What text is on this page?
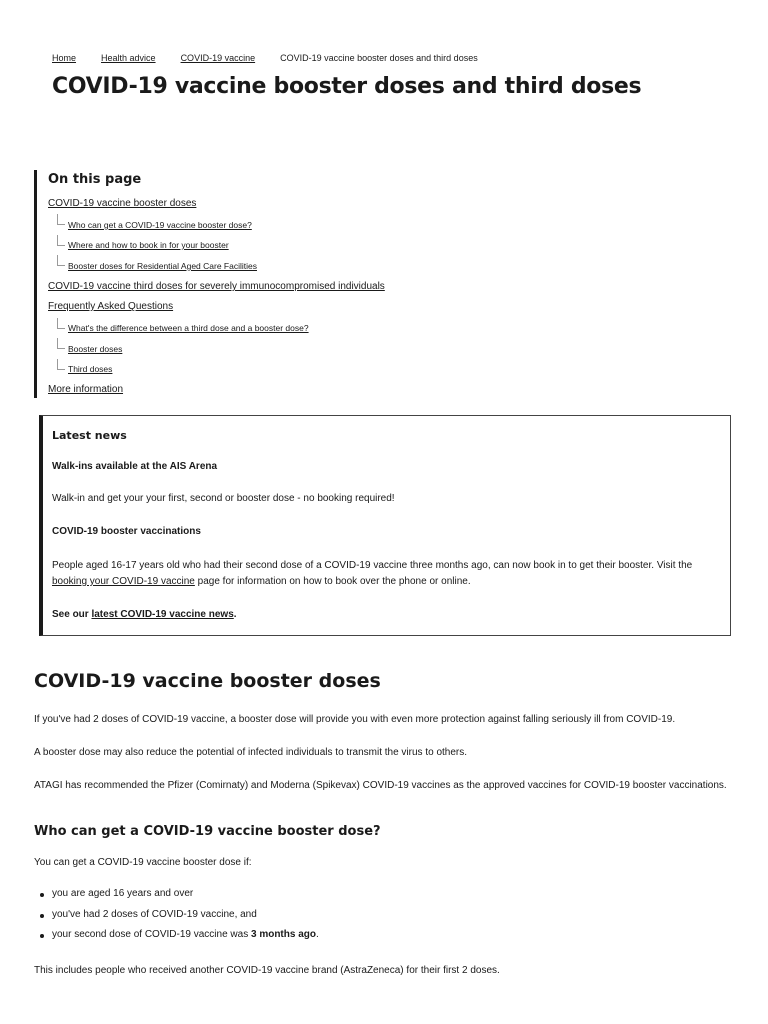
Home	Health advice	COVID-19 vaccine	COVID-19 vaccine booster doses and third doses
COVID-19 vaccine booster doses and third doses
On this page
COVID-19 vaccine booster doses
Who can get a COVID-19 vaccine booster dose?
Where and how to book in for your booster
Booster doses for Residential Aged Care Facilities
COVID-19 vaccine third doses for severely immunocompromised individuals
Frequently Asked Questions
What's the difference between a third dose and a booster dose?
Booster doses
Third doses
More information
Latest news

Walk-ins available at the AIS Arena

Walk-in and get your your first, second or booster dose - no booking required!

COVID-19 booster vaccinations

People aged 16-17 years old who had their second dose of a COVID-19 vaccine three months ago, can now book in to get their booster. Visit the booking your COVID-19 vaccine page for information on how to book over the phone or online.

See our latest COVID-19 vaccine news.

COVID-19 vaccine booster doses

If you've had 2 doses of COVID-19 vaccine, a booster dose will provide you with even more protection against falling seriously ill from COVID-19.

A booster dose may also reduce the potential of infected individuals to transmit the virus to others.

ATAGI has recommended the Pfizer (Comirnaty) and Moderna (Spikevax) COVID-19 vaccines as the approved vaccines for COVID-19 booster vaccinations.

Who can get a COVID-19 vaccine booster dose?

You can get a COVID-19 vaccine booster dose if:

you are aged 16 years and over
you've had 2 doses of COVID-19 vaccine, and
your second dose of COVID-19 vaccine was 3 months ago.

This includes people who received another COVID-19 vaccine brand (AstraZeneca) for their first 2 doses.
